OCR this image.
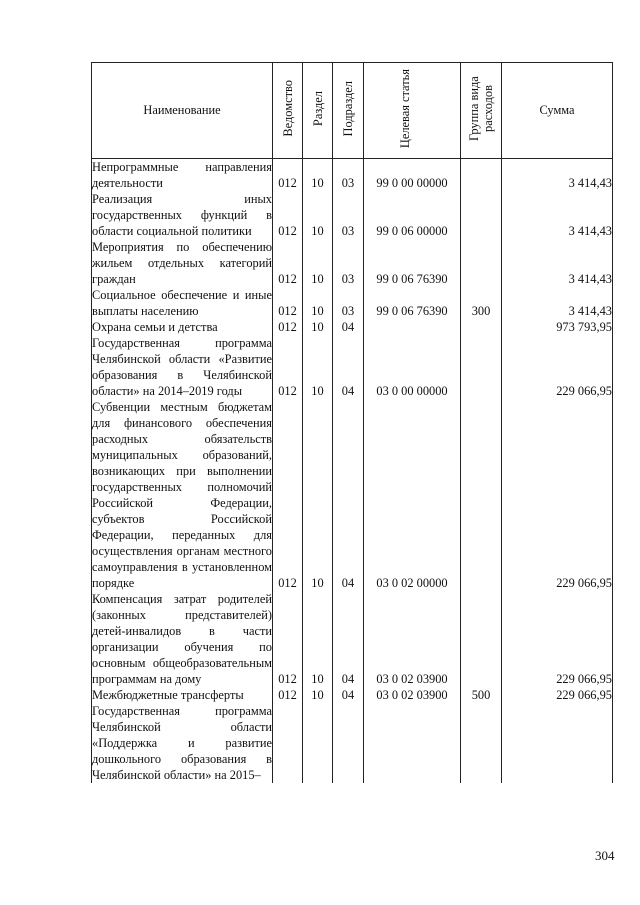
Наименование	Ведомство	Раздел	Подраздел	Целевая статья	Группа вида расходов	Сумма
Непрограммные направления деятельности	012	10	03	99 0 00 00000		3 414,43
Реализация иных государственных функций в области социальной политики	012	10	03	99 0 06 00000		3 414,43
Мероприятия по обеспечению жильем отдельных категорий граждан	012	10	03	99 0 06 76390		3 414,43
Социальное обеспечение и иные выплаты населению	012	10	03	99 0 06 76390	300	3 414,43
Охрана семьи и детства	012	10	04			973 793,95
Государственная программа Челябинской области «Развитие образования в Челябинской области» на 2014–2019 годы	012	10	04	03 0 00 00000		229 066,95
Субвенции местным бюджетам для финансового обеспечения расходных обязательств муниципальных образований, возникающих при выполнении государственных полномочий Российской Федерации, субъектов Российской Федерации, переданных для осуществления органам местного самоуправления в установленном порядке	012	10	04	03 0 02 00000		229 066,95
Компенсация затрат родителей (законных представителей) детей-инвалидов в части организации обучения по основным общеобразовательным программам на дому	012	10	04	03 0 02 03900		229 066,95
Межбюджетные трансферты	012	10	04	03 0 02 03900	500	229 066,95
Государственная программа Челябинской области «Поддержка и развитие дошкольного образования в Челябинской области» на 2015–						
304
